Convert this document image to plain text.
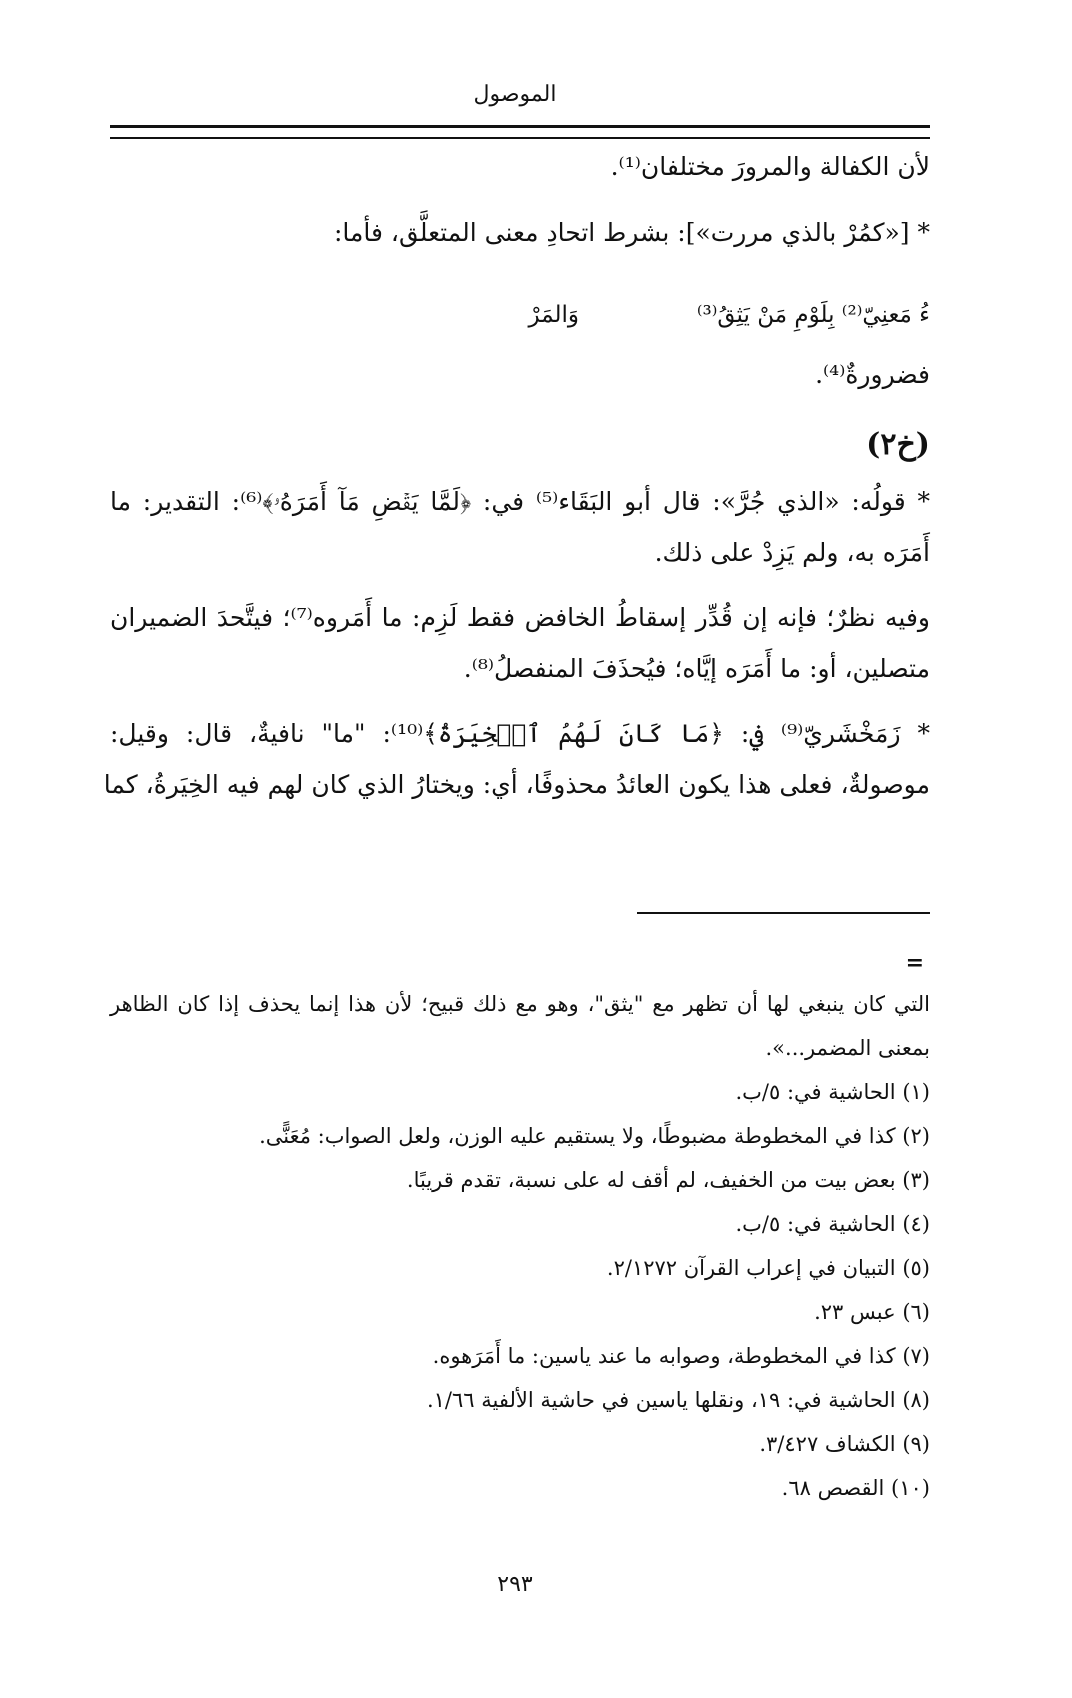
الموصول
لأن الكفالة والمرورَ مختلفان⁽¹⁾.
* [«كمُرْ بالذي مررت»]: بشرط اتحادِ معنى المتعلَّق، فأما:
وَالمَرْ	ءُ مَعنِيّ⁽²⁾ بِلَوْمِ مَنْ يَثِقُ⁽³⁾
فضرورةٌ⁽⁴⁾.
(خ٢)
* قولُه: «الذي جُرَّ»: قال أبو البَقَاء⁽⁵⁾ في: ﴿لَمَّا يَقۡضِ مَآ أَمَرَهُۥ﴾⁽⁶⁾: التقدير: ما
أَمَرَه به، ولم يَزِدْ على ذلك.
وفيه نظرٌ؛ فإنه إن قُدِّر إسقاطُ الخافض فقط لَزِم: ما أَمَروه⁽⁷⁾؛ فيتَّحدَ الضميران
متصلين، أو: ما أَمَرَه إيَّاه؛ فيُحذَفَ المنفصلُ⁽⁸⁾.
* زَمَخْشَريّ⁽⁹⁾ في: ﴿مَا كَانَ لَهُمُ ٱلۡخِيَرَةُ﴾⁽¹⁰⁾: "ما" نافيةٌ، قال: وقيل:
موصولةٌ، فعلى هذا يكون العائدُ محذوفًا، أي: ويختارُ الذي كان لهم فيه الخِيَرةُ، كما
=
التي كان ينبغي لها أن تظهر مع "يثق"، وهو مع ذلك قبيح؛ لأن هذا إنما يحذف إذا كان الظاهر
بمعنى المضمر...».
(١) الحاشية في: ٥/ب.
(٢) كذا في المخطوطة مضبوطًا، ولا يستقيم عليه الوزن، ولعل الصواب: مُعَنًّى.
(٣) بعض بيت من الخفيف، لم أقف له على نسبة، تقدم قريبًا.
(٤) الحاشية في: ٥/ب.
(٥) التبيان في إعراب القرآن ٢/١٢٧٢.
(٦) عبس ٢٣.
(٧) كذا في المخطوطة، وصوابه ما عند ياسين: ما أَمَرَهوه.
(٨) الحاشية في: ١٩، ونقلها ياسين في حاشية الألفية ١/٦٦.
(٩) الكشاف ٣/٤٢٧.
(١٠) القصص ٦٨.
٢٩٣
